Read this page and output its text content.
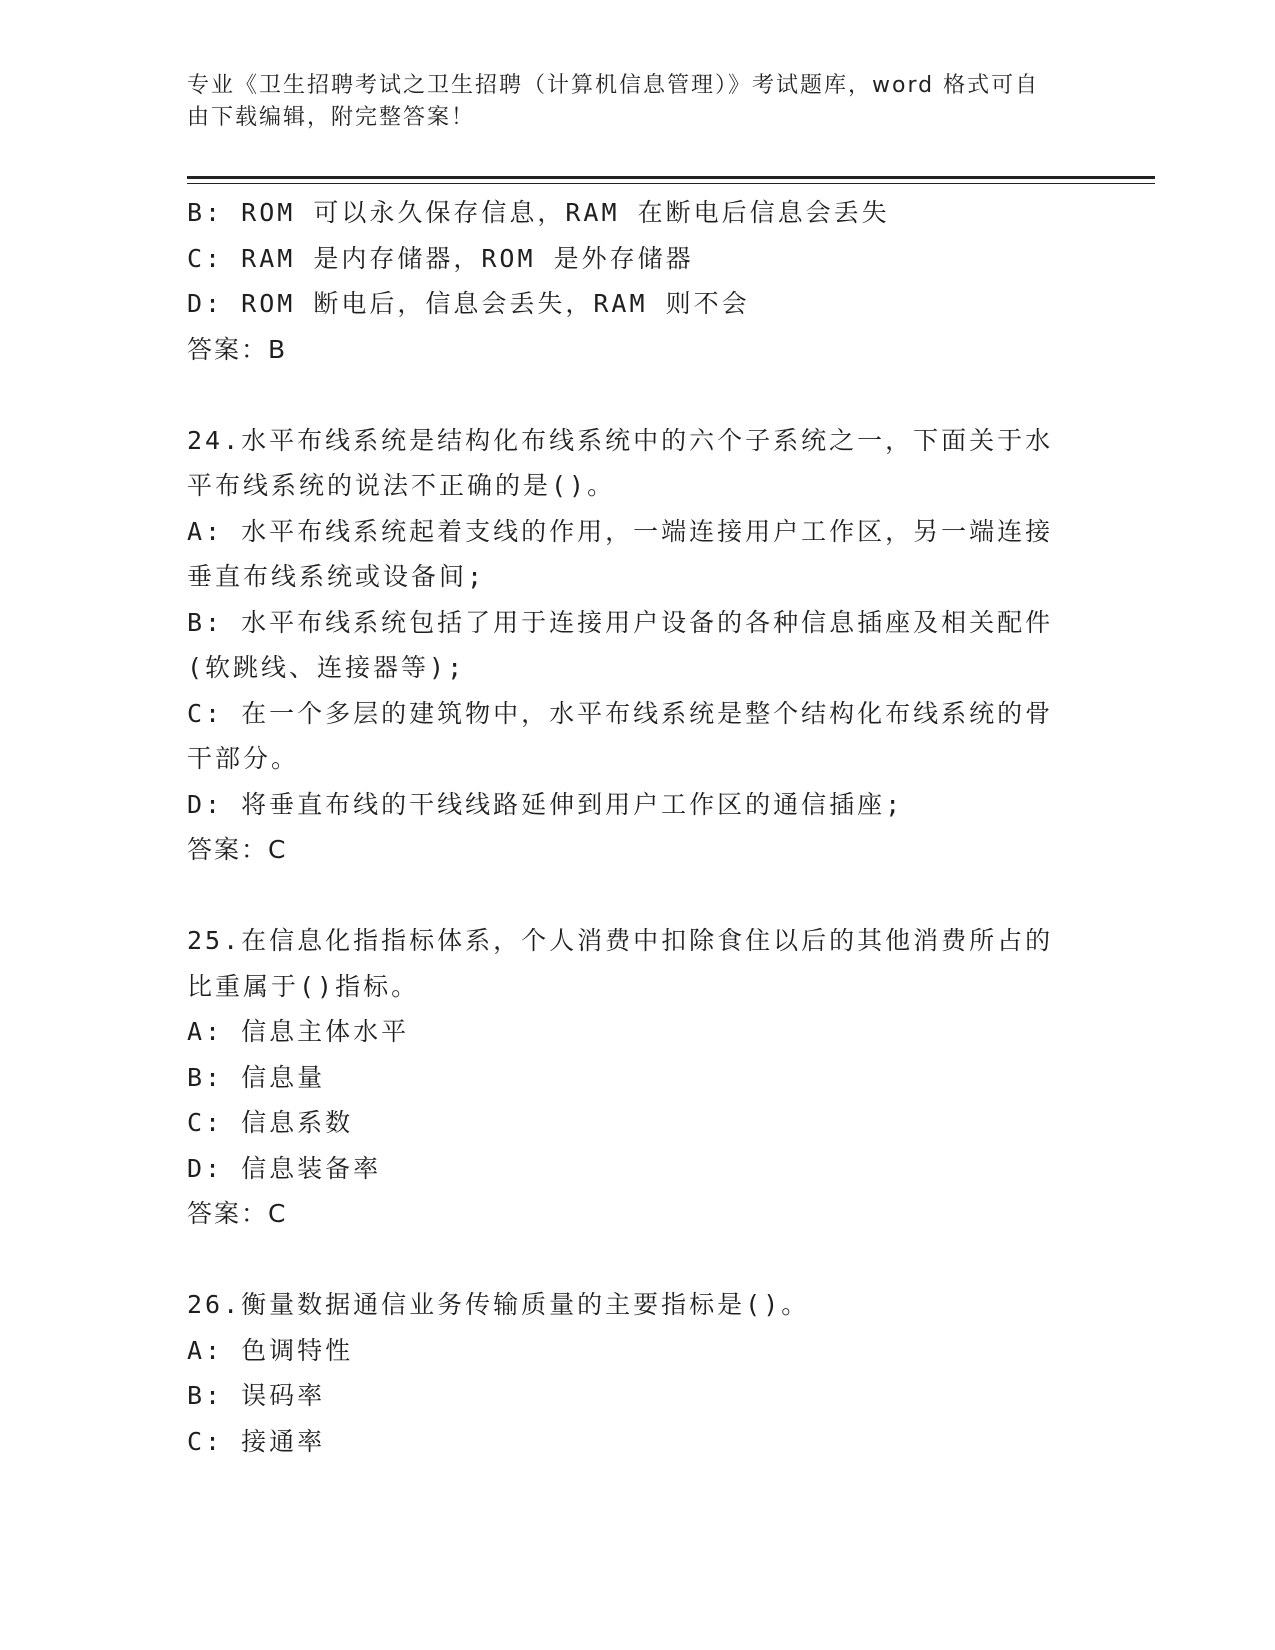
专业《卫生招聘考试之卫生招聘（计算机信息管理）》考试题库，word 格式可自
由下载编辑，附完整答案！
B: ROM 可以永久保存信息，RAM 在断电后信息会丢失
C: RAM 是内存储器，ROM 是外存储器
D: ROM 断电后，信息会丢失，RAM 则不会
答案：B
24.水平布线系统是结构化布线系统中的六个子系统之一，下面关于水
平布线系统的说法不正确的是()。
A: 水平布线系统起着支线的作用，一端连接用户工作区，另一端连接
垂直布线系统或设备间;
B: 水平布线系统包括了用于连接用户设备的各种信息插座及相关配件
(软跳线、连接器等);
C: 在一个多层的建筑物中，水平布线系统是整个结构化布线系统的骨
干部分。
D: 将垂直布线的干线线路延伸到用户工作区的通信插座;
答案：C
25.在信息化指指标体系，个人消费中扣除食住以后的其他消费所占的
比重属于()指标。
A: 信息主体水平
B: 信息量
C: 信息系数
D: 信息装备率
答案：C
26.衡量数据通信业务传输质量的主要指标是()。
A: 色调特性
B: 误码率
C: 接通率
